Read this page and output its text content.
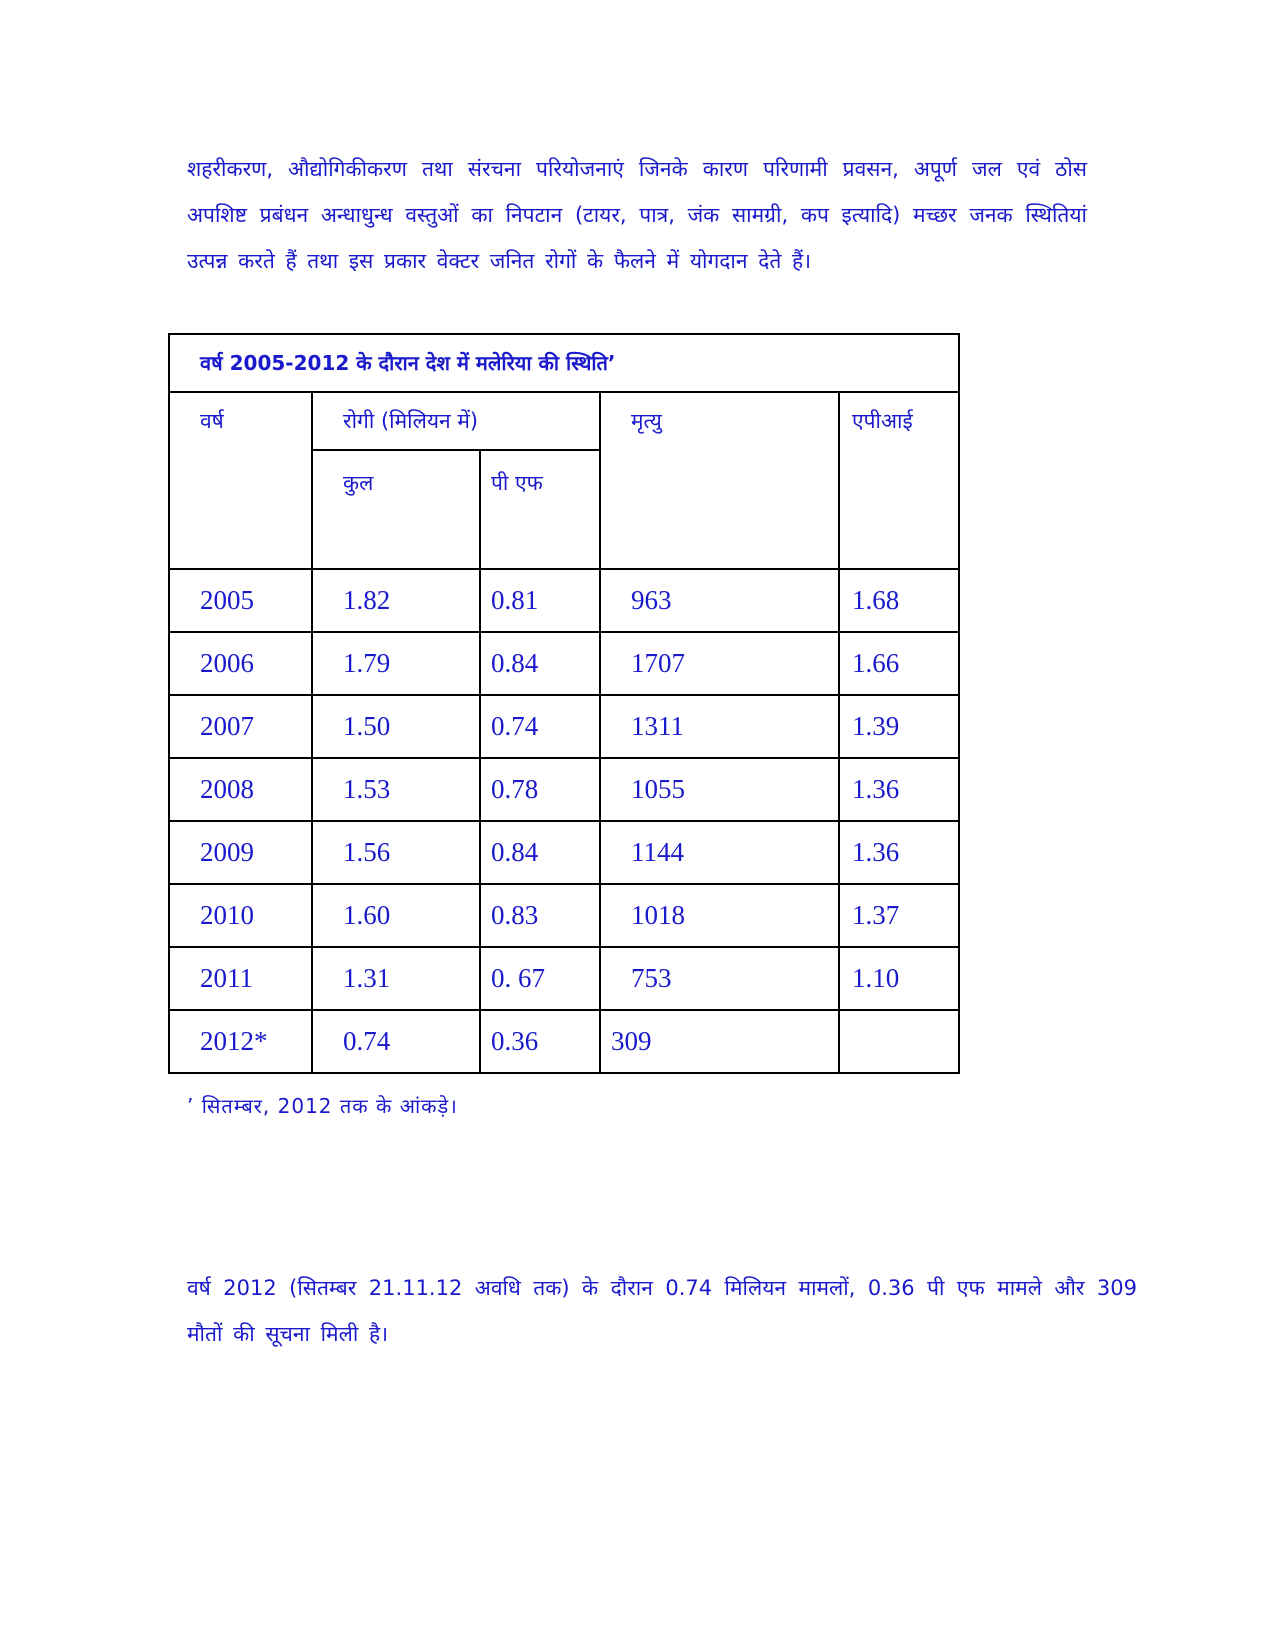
शहरीकरण, औद्योगिकीकरण तथा संरचना परियोजनाएं जिनके कारण परिणामी प्रवसन, अपूर्ण जल एवं ठोस अपशिष्ट प्रबंधन अन्धाधुन्ध वस्तुओं का निपटान (टायर, पात्र, जंक सामग्री, कप इत्यादि) मच्छर जनक स्थितियां उत्पन्न करते हैं तथा इस प्रकार वेक्टर जनित रोगों के फैलने में योगदान देते हैं।

वर्ष 2005-2012 के दौरान देश में मलेरिया की स्थिति’				
वर्ष	रोगी (मिलियन में)		मृत्यु	एपीआई
	कुल	पी एफ		
2005	1.82	0.81	963	1.68
2006	1.79	0.84	1707	1.66
2007	1.50	0.74	1311	1.39
2008	1.53	0.78	1055	1.36
2009	1.56	0.84	1144	1.36
2010	1.60	0.83	1018	1.37
2011	1.31	0. 67	753	1.10
2012*	0.74	0.36	309	
’ सितम्बर, 2012 तक के आंकड़े।

वर्ष 2012 (सितम्बर 21.11.12 अवधि तक) के दौरान 0.74 मिलियन मामलों, 0.36 पी एफ मामले और 309 मौतों की सूचना मिली है।
